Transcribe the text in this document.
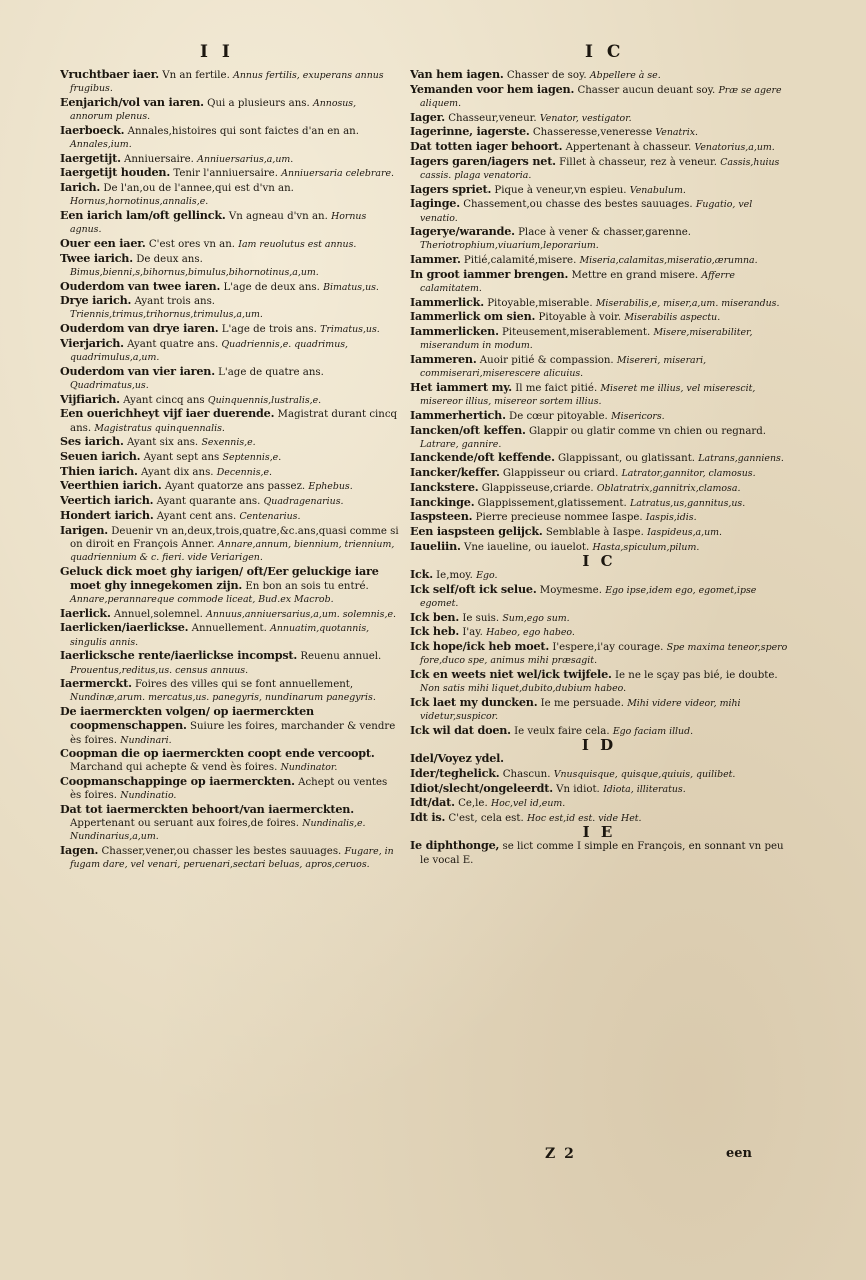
I I	I C
Vruchtbaer iaer. Vn an fertile. Annus fertilis, exuperans annus frugibus.
Eenjarich/vol van iaren. Qui a plusieurs ans. Annosus, annorum plenus.
Iaerboeck. Annales,histoires qui sont faictes d'an en an. Annales,ium.
Iaergetijt. Anniuersaire. Anniuersarius,a,um.
Iaergetijt houden. Tenir l'anniuersaire. Anniuersaria celebrare.
Iarich. De l'an,ou de l'annee,qui est d'vn an. Hornus,hornotinus,annalis,e.
Een iarich lam/oft gellinck. Vn agneau d'vn an. Hornus agnus.
Ouer een iaer. C'est ores vn an. Iam reuolutus est annus.
Twee iarich. De deux ans. Bimus,bienni,s,bihornus,bimulus,bihornotinus,a,um.
Ouderdom van twee iaren. L'age de deux ans. Bimatus,us.
Drye iarich. Ayant trois ans. Triennis,trimus,trihornus,trimulus,a,um.
Ouderdom van drye iaren. L'age de trois ans. Trimatus,us.
Vierjarich. Ayant quatre ans. Quadriennis,e. quadrimus, quadrimulus,a,um.
Ouderdom van vier iaren. L'age de quatre ans. Quadrimatus,us.
Vijfiarich. Ayant cincq ans Quinquennis,lustralis,e.
Een ouerichheyt vijf iaer duerende. Magistrat durant cincq ans. Magistratus quinquennalis.
Ses iarich. Ayant six ans. Sexennis,e.
Seuen iarich. Ayant sept ans Septennis,e.
Thien iarich. Ayant dix ans. Decennis,e.
Veerthien iarich. Ayant quatorze ans passez. Ephebus.
Veertich iarich. Ayant quarante ans. Quadragenarius.
Hondert iarich. Ayant cent ans. Centenarius.
Iarigen. Deuenir vn an,deux,trois,quatre,&c.ans,quasi comme si on diroit en François Anner. Annare,annum, biennium, triennium, quadriennium & c. fieri. vide Veriarigen.
Geluck dick moet ghy iarigen/ oft/Eer geluckige iare moet ghy innegekomen zijn. En bon an sois tu entré. Annare,perannareque commode liceat, Bud.ex Macrob.
Iaerlick. Annuel,solemnel. Annuus,anniuersarius,a,um. solemnis,e.
Iaerlicken/iaerlickse. Annuellement. Annuatim,quotannis, singulis annis.
Iaerlicksche rente/iaerlickse incompst. Reuenu annuel. Prouentus,reditus,us. census annuus.
Iaermerckt. Foires des villes qui se font annuellement, Nundinæ,arum. mercatus,us. panegyris, nundinarum panegyris.
De iaermerckten volgen/ op iaermerckten coopmenschappen. Suiure les foires, marchander & vendre ès foires. Nundinari.
Coopman die op iaermerckten coopt ende vercoopt. Marchand qui achepte & vend ès foires. Nundinator.
Coopmanschappinge op iaermerckten. Achept ou ventes ès foires. Nundinatio.
Dat tot iaermerckten behoort/van iaermerckten. Appertenant ou seruant aux foires,de foires. Nundinalis,e. Nundinarius,a,um.
Iagen. Chasser,vener,ou chasser les bestes sauuages. Fugare, in fugam dare, vel venari, peruenari,sectari beluas, apros,ceruos.
Van hem iagen. Chasser de soy. Abpellere à se.
Yemanden voor hem iagen. Chasser aucun deuant soy. Præ se agere aliquem.
Iager. Chasseur,veneur. Venator, vestigator.
Iagerinne, iagerste. Chasseresse,veneresse Venatrix.
Dat totten iager behoort. Appertenant à chasseur. Venatorius,a,um.
Iagers garen/iagers net. Fillet à chasseur, rez à veneur. Cassis,huius cassis. plaga venatoria.
Iagers spriet. Pique à veneur,vn espieu. Venabulum.
Iaginge. Chassement,ou chasse des bestes sauuages. Fugatio, vel venatio.
Iagerye/warande. Place à vener & chasser,garenne. Theriotrophium,viuarium,leporarium.
Iammer. Pitié,calamité,misere. Miseria,calamitas,miseratio,ærumna.
In groot iammer brengen. Mettre en grand misere. Afferre calamitatem.
Iammerlick. Pitoyable,miserable. Miserabilis,e, miser,a,um. miserandus.
Iammerlick om sien. Pitoyable à voir. Miserabilis aspectu.
Iammerlicken. Piteusement,miserablement. Misere,miserabiliter, miserandum in modum.
Iammeren. Auoir pitié & compassion. Misereri, miserari, commiserari,miserescere alicuius.
Het iammert my. Il me faict pitié. Miseret me illius, vel miserescit, misereor illius, misereor sortem illius.
Iammerhertich. De cœur pitoyable. Misericors.
Iancken/oft keffen. Glappir ou glatir comme vn chien ou regnard. Latrare, gannire.
Ianckende/oft keffende. Glappissant, ou glatissant. Latrans,ganniens.
Iancker/keffer. Glappisseur ou criard. Latrator,gannitor, clamosus.
Ianckstere. Glappisseuse,criarde. Oblatratrix,gannitrix,clamosa.
Ianckinge. Glappissement,glatissement. Latratus,us,gannitus,us.
Iaspsteen. Pierre precieuse nommee Iaspe. Iaspis,idis.
Een iaspsteen gelijck. Semblable à Iaspe. Iaspideus,a,um.
Iaueliin. Vne iaueline, ou iauelot. Hasta,spiculum,pilum.
I C
Ick. Ie,moy. Ego.
Ick self/oft ick selue. Moymesme. Ego ipse,idem ego, egomet,ipse egomet.
Ick ben. Ie suis. Sum,ego sum.
Ick heb. I'ay. Habeo, ego habeo.
Ick hope/ick heb moet. I'espere,i'ay courage. Spe maxima teneor,spero fore,duco spe, animus mihi præsagit.
Ick en weets niet wel/ick twijfele. Ie ne le sçay pas bié, ie doubte. Non satis mihi liquet,dubito,dubium habeo.
Ick laet my duncken. Ie me persuade. Mihi videre videor, mihi videtur,suspicor.
Ick wil dat doen. Ie veulx faire cela. Ego faciam illud.
I D
Idel/Voyez ydel.
Ider/teghelick. Chascun. Vnusquisque, quisque,quiuis, quilibet.
Idiot/slecht/ongeleerdt. Vn idiot. Idiota, illiteratus.
Idt/dat. Ce,le. Hoc,vel id,eum.
Idt is. C'est, cela est. Hoc est,id est. vide Het.
I E
Ie diphthonge, se lict comme I simple en François, en sonnant vn peu le vocal E.
Z 2	een
